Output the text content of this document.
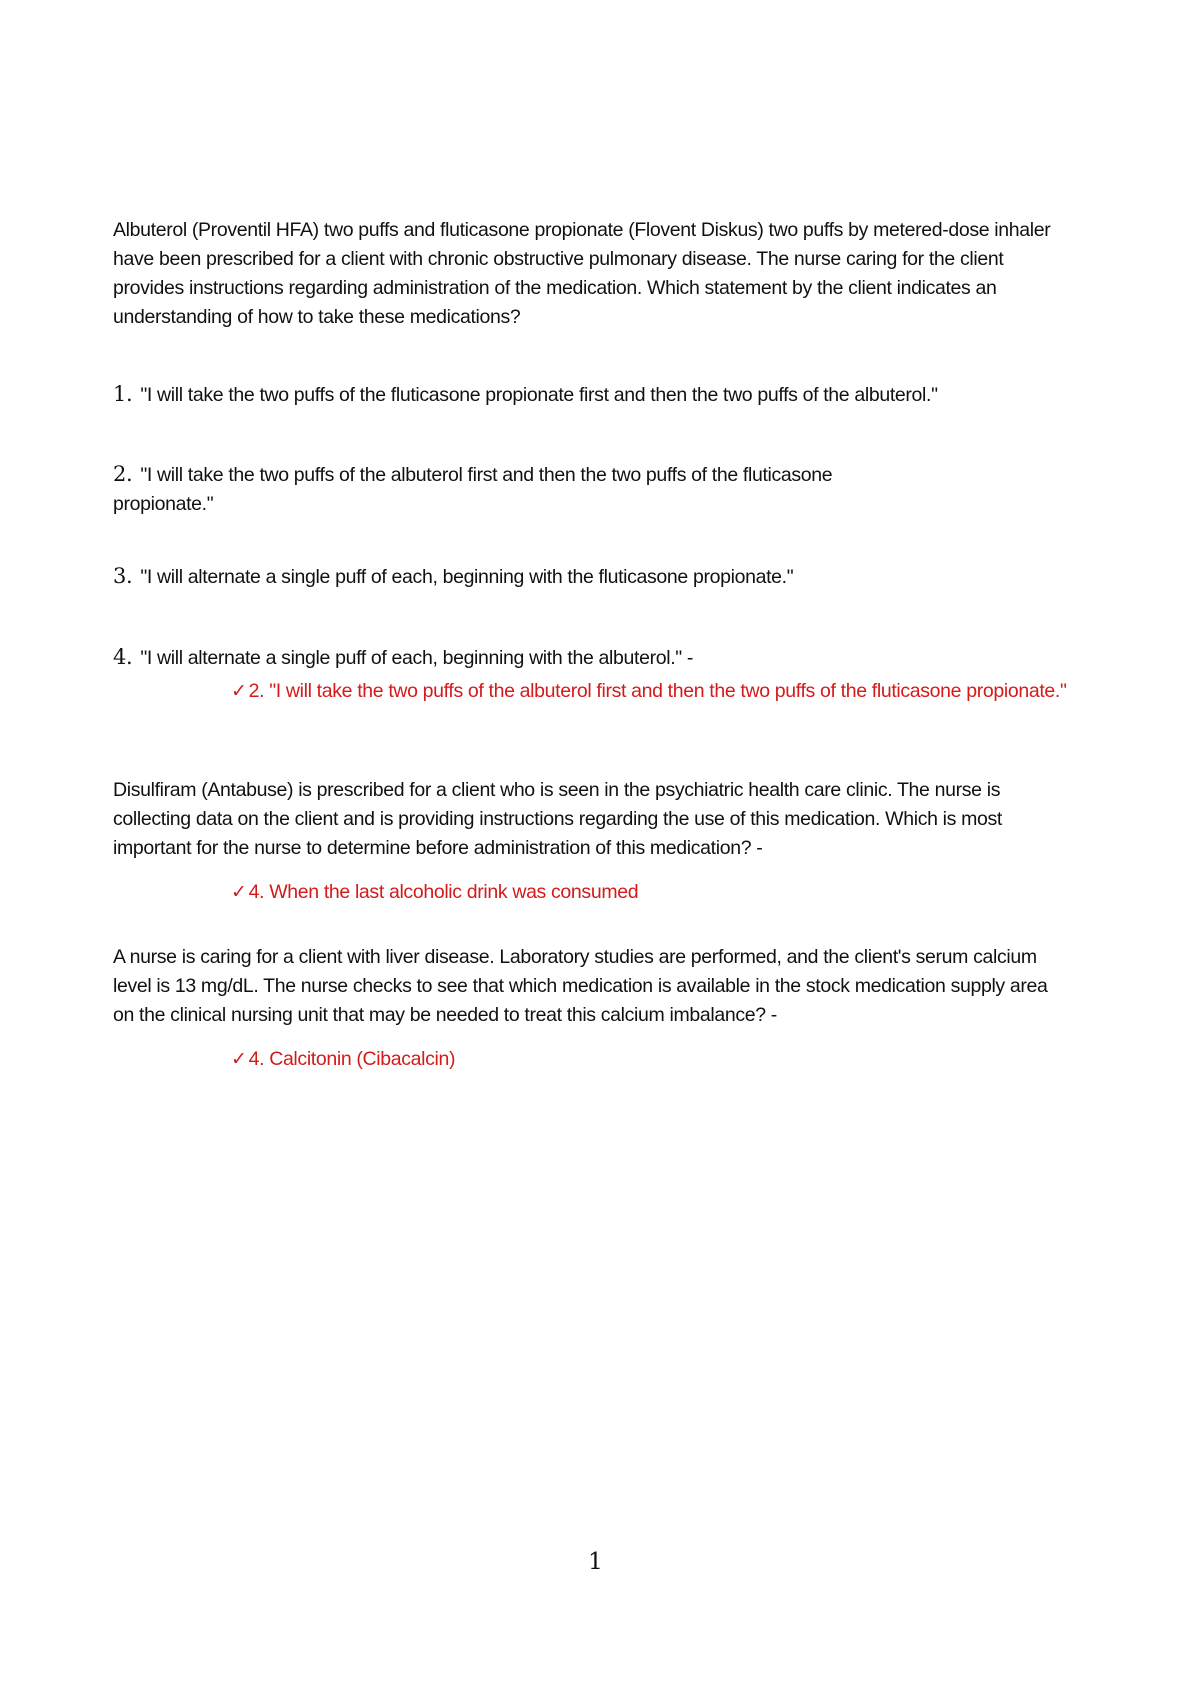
Albuterol (Proventil HFA) two puffs and fluticasone propionate (Flovent Diskus) two puffs by metered-dose inhaler have been prescribed for a client with chronic obstructive pulmonary disease. The nurse caring for the client provides instructions regarding administration of the medication. Which statement by the client indicates an understanding of how to take these medications?
1. "I will take the two puffs of the fluticasone propionate first and then the two puffs of the albuterol."
2. "I will take the two puffs of the albuterol first and then the two puffs of the fluticasone propionate."
3. "I will alternate a single puff of each, beginning with the fluticasone propionate."
4. "I will alternate a single puff of each, beginning with the albuterol." -
✓ 2. "I will take the two puffs of the albuterol first and then the two puffs of the fluticasone propionate."
Disulfiram (Antabuse) is prescribed for a client who is seen in the psychiatric health care clinic. The nurse is collecting data on the client and is providing instructions regarding the use of this medication. Which is most important for the nurse to determine before administration of this medication? -
✓ 4. When the last alcoholic drink was consumed
A nurse is caring for a client with liver disease. Laboratory studies are performed, and the client's serum calcium level is 13 mg/dL. The nurse checks to see that which medication is available in the stock medication supply area on the clinical nursing unit that may be needed to treat this calcium imbalance? -
✓ 4. Calcitonin (Cibacalcin)
1
